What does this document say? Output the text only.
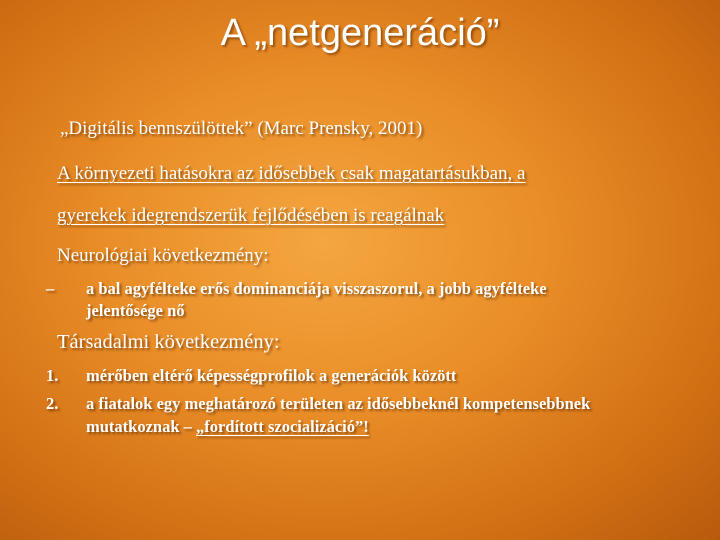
A „netgeneráció”
„Digitális bennszülöttek” (Marc Prensky, 2001)
A környezeti hatásokra az idősebbek csak magatartásukban, a
gyerekek idegrendszerük fejlődésében is reagálnak
Neurológiai következmény:
– a bal agyfélteke erős dominanciája visszaszorul, a jobb agyfélteke
jelentősége nő
Társadalmi következmény:
1. mérőben eltérő képességprofilok a generációk között
2. a fiatalok egy meghatározó területen az idősebbeknél kompetensebbnek
mutatkoznak – „fordított szocializáció”!
